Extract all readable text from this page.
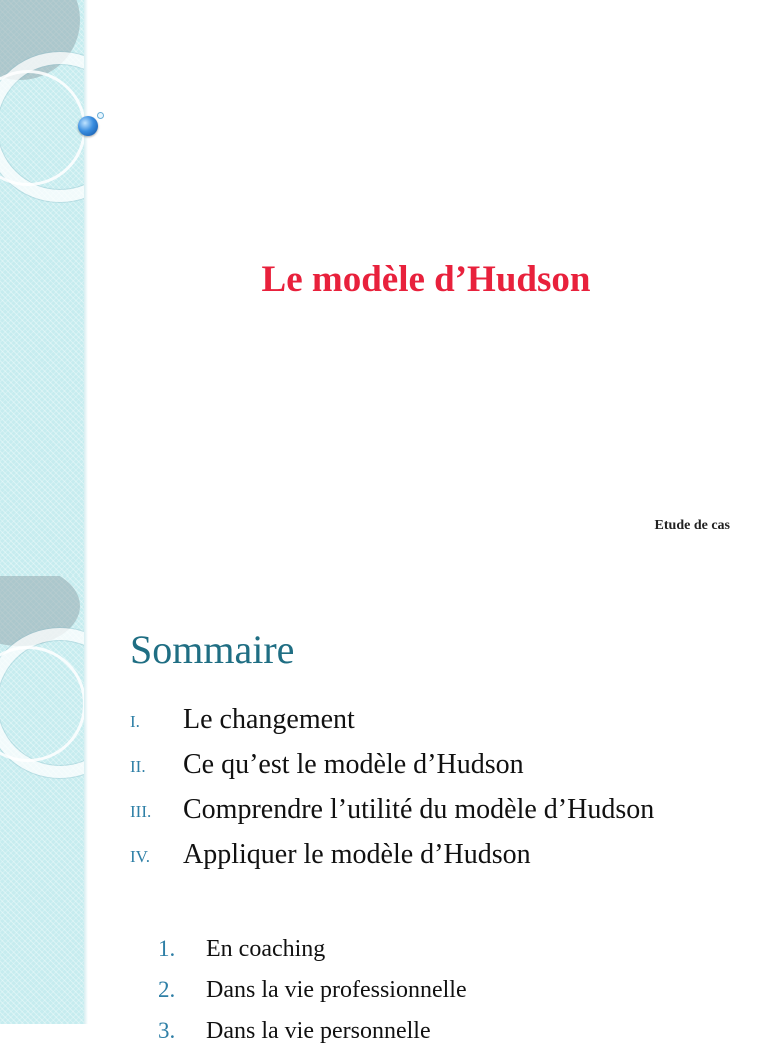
Le modèle d’Hudson

Etude de cas

Sommaire
I. Le changement
II. Ce qu’est le modèle d’Hudson
III. Comprendre l’utilité du modèle d’Hudson
IV. Appliquer le modèle d’Hudson
1. En coaching
2. Dans la vie professionnelle
3. Dans la vie personnelle
